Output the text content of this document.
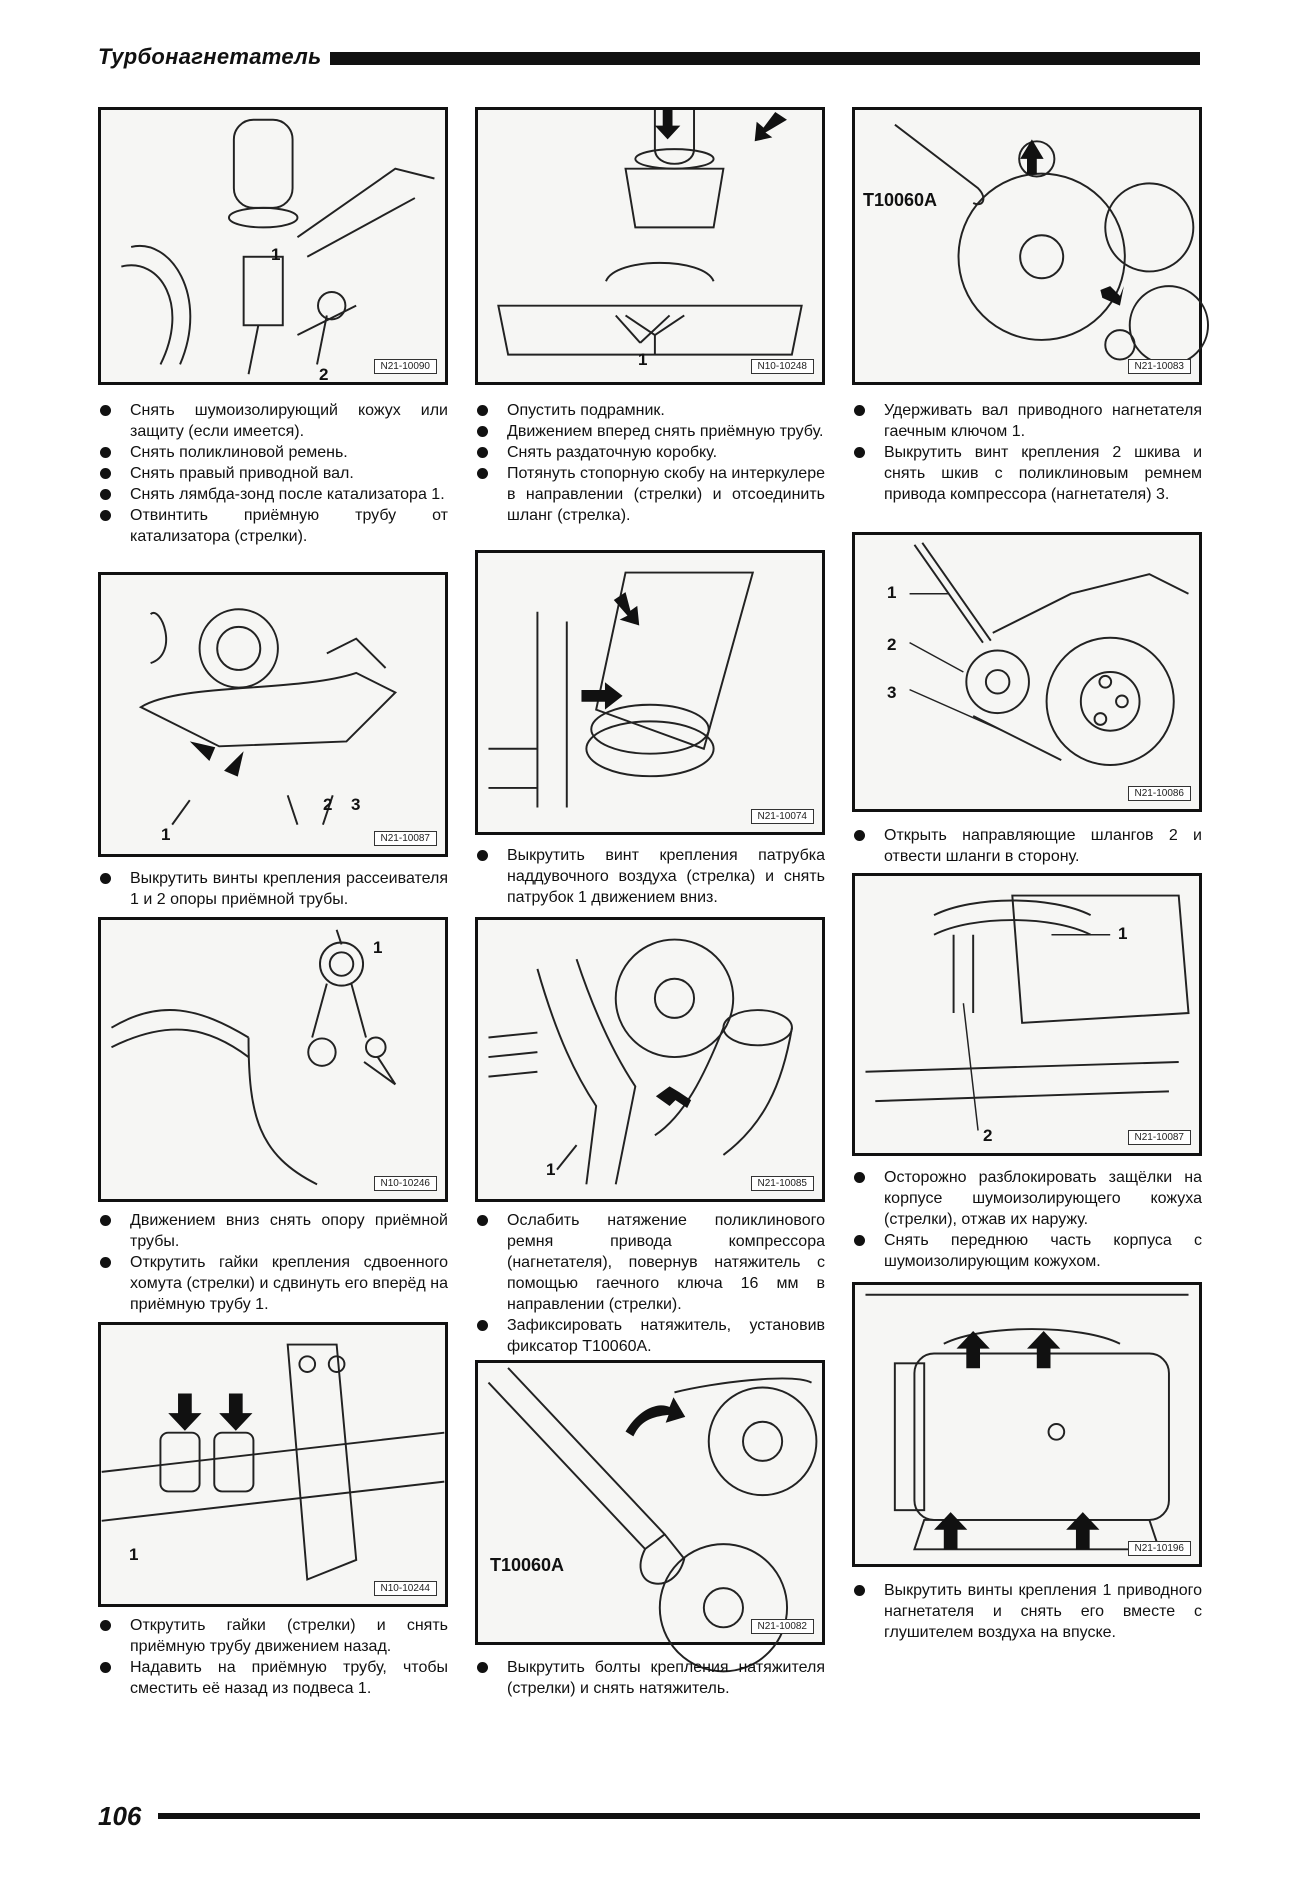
Турбонагнетатель
1
2	N21-10090
Снять шумоизолирующий кожух или защиту (если имеется).
Снять поликлиновой ремень.
Снять правый приводной вал.
Снять лямбда-зонд после катализатора 1.
Отвинтить приёмную трубу от катализатора (стрелки).
1
2 3
N21-10087
Выкрутить винты крепления рассеивателя 1 и 2 опоры приёмной трубы.
1
N10-10246
Движением вниз снять опору приёмной трубы.
Открутить гайки крепления сдвоенного хомута (стрелки) и сдвинуть его вперёд на приёмную трубу 1.
1
N10-10244
Открутить гайки (стрелки) и снять приёмную трубу движением назад.
Надавить на приёмную трубу, чтобы сместить её назад из подвеса 1.
1	N10-10248
Опустить подрамник.
Движением вперед снять приёмную трубу.
Снять раздаточную коробку.
Потянуть стопорную скобу на интеркулере в направлении (стрелки) и отсоединить шланг (стрелка).
N21-10074
Выкрутить винт крепления патрубка наддувочного воздуха (стрелка) и снять патрубок 1 движением вниз.
1
N21-10085
Ослабить натяжение поликлинового ремня привода компрессора (нагнетателя), повернув натяжитель с помощью гаечного ключа 16 мм в направлении (стрелки).
Зафиксировать натяжитель, установив фиксатор T10060A.
T10060A
N21-10082
Выкрутить болты крепления натяжителя (стрелки) и снять натяжитель.
T10060A
N21-10083
Удерживать вал приводного нагнетателя гаечным ключом 1.
Выкрутить винт крепления 2 шкива и снять шкив с поликлиновым ремнем привода компрессора (нагнетателя) 3.
1
2
3
N21-10086
Открыть направляющие шлангов 2 и отвести шланги в сторону.
1
2	N21-10087
Осторожно разблокировать защёлки на корпусе шумоизолирующего кожуха (стрелки), отжав их наружу.
Снять переднюю часть корпуса с шумоизолирующим кожухом.
N21-10196
Выкрутить винты крепления 1 приводного нагнетателя и снять его вместе с глушителем воздуха на впуске.
106
